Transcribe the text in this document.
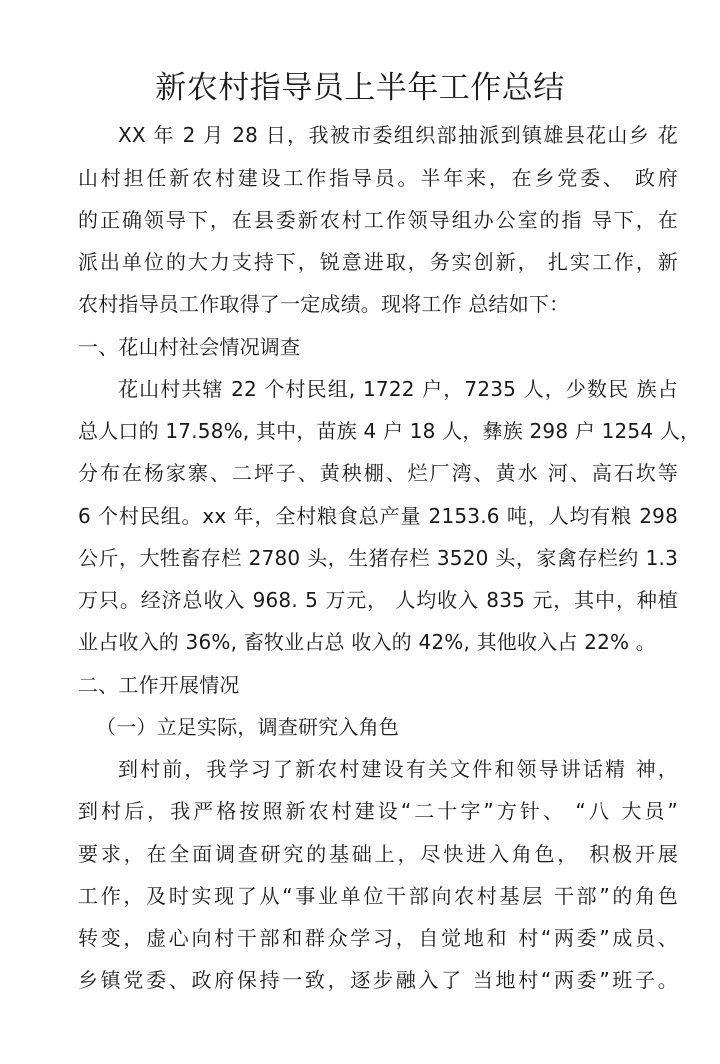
新农村指导员上半年工作总结
XX 年 2 月 28 日，我被市委组织部抽派到镇雄县花山乡 花
山村担任新农村建设工作指导员。半年来，在乡党委、 政府
的正确领导下，在县委新农村工作领导组办公室的指 导下，在
派出单位的大力支持下，锐意进取，务实创新， 扎实工作，新
农村指导员工作取得了一定成绩。现将工作 总结如下：
一、花山村社会情况调查
花山村共辖 22 个村民组, 1722 户，7235 人，少数民 族占
总人口的 17.58%, 其中，苗族 4 户 18 人，彝族 298 户 1254 人，
分布在杨家寨、二坪子、黄秧棚、烂厂湾、黄水 河、高石坎等
6 个村民组。xx 年，全村粮食总产量 2153.6 吨，人均有粮 298
公斤，大牲畜存栏 2780 头，生猪存栏 3520 头，家禽存栏约 1.3
万只。经济总收入 968. 5 万元， 人均收入 835 元，其中，种植
业占收入的 36%, 畜牧业占总 收入的 42%, 其他收入占 22% 。
二、工作开展情况
（一）立足实际，调查研究入角色
到村前，我学习了新农村建设有关文件和领导讲话精 神，
到村后，我严格按照新农村建设“二十字”方针、 “八 大员”
要求，在全面调查研究的基础上，尽快进入角色， 积极开展
工作，及时实现了从“事业单位干部向农村基层 干部”的角色
转变，虚心向村干部和群众学习，自觉地和 村“两委”成员、
乡镇党委、政府保持一致，逐步融入了 当地村“两委”班子。
